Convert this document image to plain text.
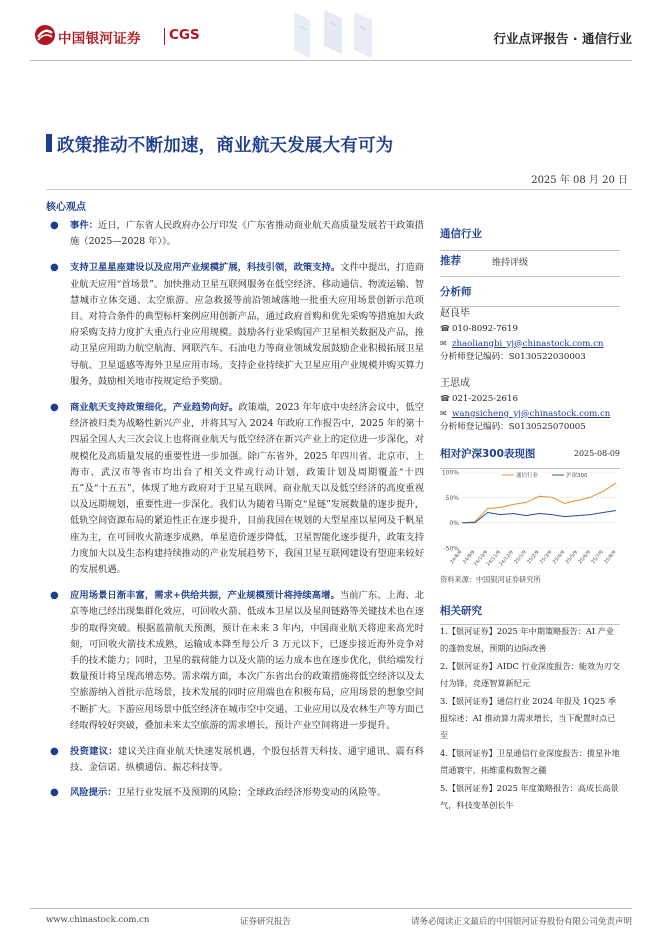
中国银河证券 CGS	行业点评报告 · 通信行业
政策推动不断加速，商业航天发展大有可为
2025 年 08 月 20 日
核心观点
● 事件：近日，广东省人民政府办公厅印发《广东省推动商业航天高质量发展若干政策措施（2025—2028 年）》。
● 支持卫星星座建设以及应用产业规模扩展，科技引领，政策支持。文件中提出，打造商业航天应用“首场景”。加快推动卫星互联网服务在低空经济、移动通信、物流运输、智慧城市立体交通、太空旅游、应急救援等前沿领域落地一批重大应用场景创新示范项目。对符合条件的典型标杆案例应用创新产品，通过政府首购和优先采购等措施加大政府采购支持力度扩大重点行业应用规模。鼓励各行业采购国产卫星相关数据及产品，推动卫星应用助力航空航海、网联汽车、石油电力等商业领域发展鼓励企业积极拓展卫星导航、卫星遥感等海外卫星应用市场。支持企业持续扩大卫星应用产业规模并购买算力服务，鼓励相关地市按规定给予奖励。
● 商业航天支持政策细化，产业趋势向好。政策端，2023 年年底中央经济会议中，低空经济被归类为战略性新兴产业，并将其写入 2024 年政府工作报告中，2025 年的第十四届全国人大三次会议上也将商业航天与低空经济在新兴产业上的定位进一步深化，对规模化及高质量发展的重要性进一步加强。除广东省外，2025 年四川省、北京市、上海市、武汉市等省市均出台了相关文件或行动计划，政策计划及周期覆盖“十四五”及“十五五”，体现了地方政府对于卫星互联网、商业航天以及低空经济的高度重视以及远期规划，重要性进一步深化。我们认为随着马斯克“星链”发展数量的逐步提升，低轨空间资源布局的紧迫性正在逐步提升，目前我国在规划的大型星座以星网及千帆星座为主，在可回收火箭逐步成熟，单星造价逐步降低，卫星智能化逐步提升，政策支持力度加大以及生态构建持续推动的产业发展趋势下，我国卫星互联网建设有望迎来较好的发展机遇。
● 应用场景日渐丰富，需求+供给共振，产业规模预计将持续高增。当前广东、上海、北京等地已经出现集群化效应，可回收火箭、低成本卫星以及星间链路等关键技术也在逐步的取得突破。根据蓝箭航天预测，预计在未来 3 年内，中国商业航天将迎来高光时刻，可回收火箭技术成熟，运输成本降至每公斤 3 万元以下，已逐步接近海外竞争对手的技术能力；同时，卫星的载荷能力以及火箭的运力成本也在逐步优化，供给端发行数量预计将呈现高增态势。需求端方面，本次广东省出台的政策措施将低空经济以及太空旅游纳入首批示范场景，技术发展的同时应用端也在积极布局，应用场景的想象空间不断扩大。下游应用场景中低空经济在城市空中交通、工业应用以及农林生产等方面已经取得较好突破，叠加未来太空旅游的需求增长，预计产业空间将进一步提升。
● 投资建议：建议关注商业航天快速发展机遇，个股包括普天科技、通宇通讯、震有科技、金信诺、纵横通信、振芯科技等。
● 风险提示：卫星行业发展不及预期的风险；全球政治经济形势变动的风险等。
通信行业
推荐	维持评级
分析师
赵良毕
☎ 010-8092-7619
✉ zhaoliangbi_yj@chinastock.com.cn
分析师登记编码：S0130522030003
王思成
☎ 021-2025-2616
✉ wangsicheng_yj@chinastock.com.cn
分析师登记编码：S0130525070005
相对沪深300表现图	2025-08-09
100%
50%
0%
-50%
24/8/9 24/9/9
24/10/9
24/11/9
24/12/9 25/1/9 25/2/9 25/3/9 25/4/9 25/5/9 25/6/9 25/7/9 25/8/9
通信行业	沪深300
资料来源：中国银河证券研究所
相关研究
1.【银河证券】2025 年中期策略报告：AI 产业的蓬勃发展，预期的边际改善
2.【银河证券】AIDC 行业深度报告：能效为刃交付为锋，竞逐智算新纪元
3.【银河证券】通信行业 2024 年报及 1Q25 季报综述：AI 推动算力需求增长，当下配置时点已至
4.【银河证券】卫星通信行业深度报告：揽星补地贯通寰宇，拓维重构数智之疆
5.【银河证券】2025 年度策略报告：高成长高景气，科技变革创长牛
www.chinastock.com.cn	证券研究报告	请务必阅读正文最后的中国银河证券股份有限公司免责声明
